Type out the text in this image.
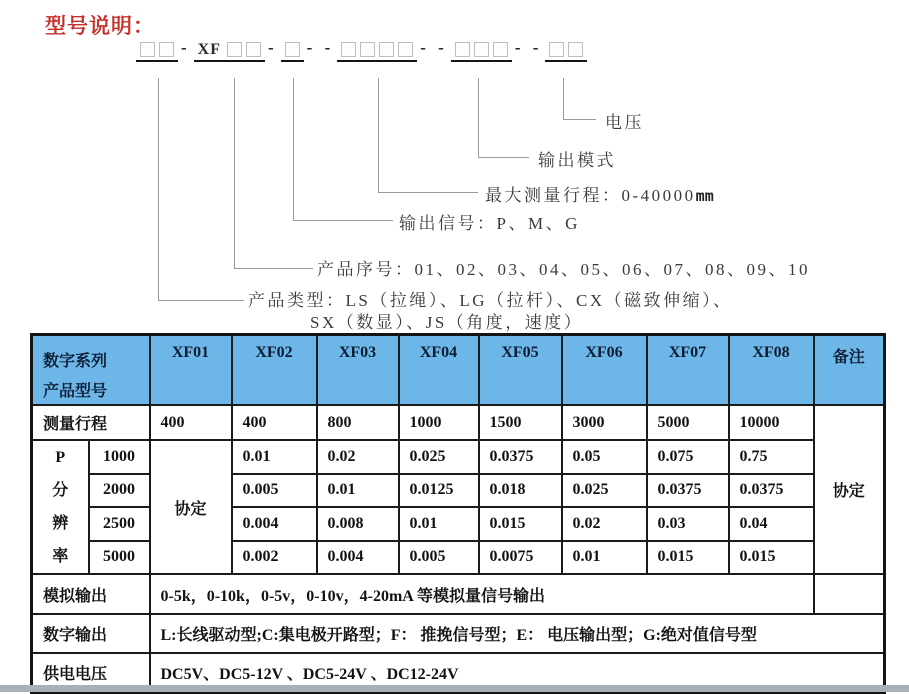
型号说明：
- XF	- - -	- -	- -
电压
输出模式
最大测量行程：0-40000mm
输出信号：P、M、G
产品序号：01、02、03、04、05、06、07、08、09、10
产品类型：LS（拉绳）、LG（拉杆）、CX（磁致伸缩）、
SX（数显）、JS（角度，速度）
数字系列
产品型号		XF01	XF02	XF03	XF04	XF05	XF06	XF07	XF08	备注
测量行程		400	400	800	1000	1500	3000	5000	10000	协定

P
分
辨
率	1000	协定	0.01	0.02	0.025	0.0375	0.05	0.075	0.75	
	2000		0.005	0.01	0.0125	0.018	0.025	0.0375	0.0375	
	2500		0.004	0.008	0.01	0.015	0.02	0.03	0.04	
	5000		0.002	0.004	0.005	0.0075	0.01	0.015	0.015	
模拟输出		0-5k，0-10k，0-5v，0-10v，4-20mA 等模拟量信号输出								
数字输出		L:长线驱动型;C:集电极开路型；F： 推挽信号型；E： 电压输出型；G:绝对值信号型								
供电电压		DC5V、DC5-12V 、DC5-24V 、DC12-24V								
